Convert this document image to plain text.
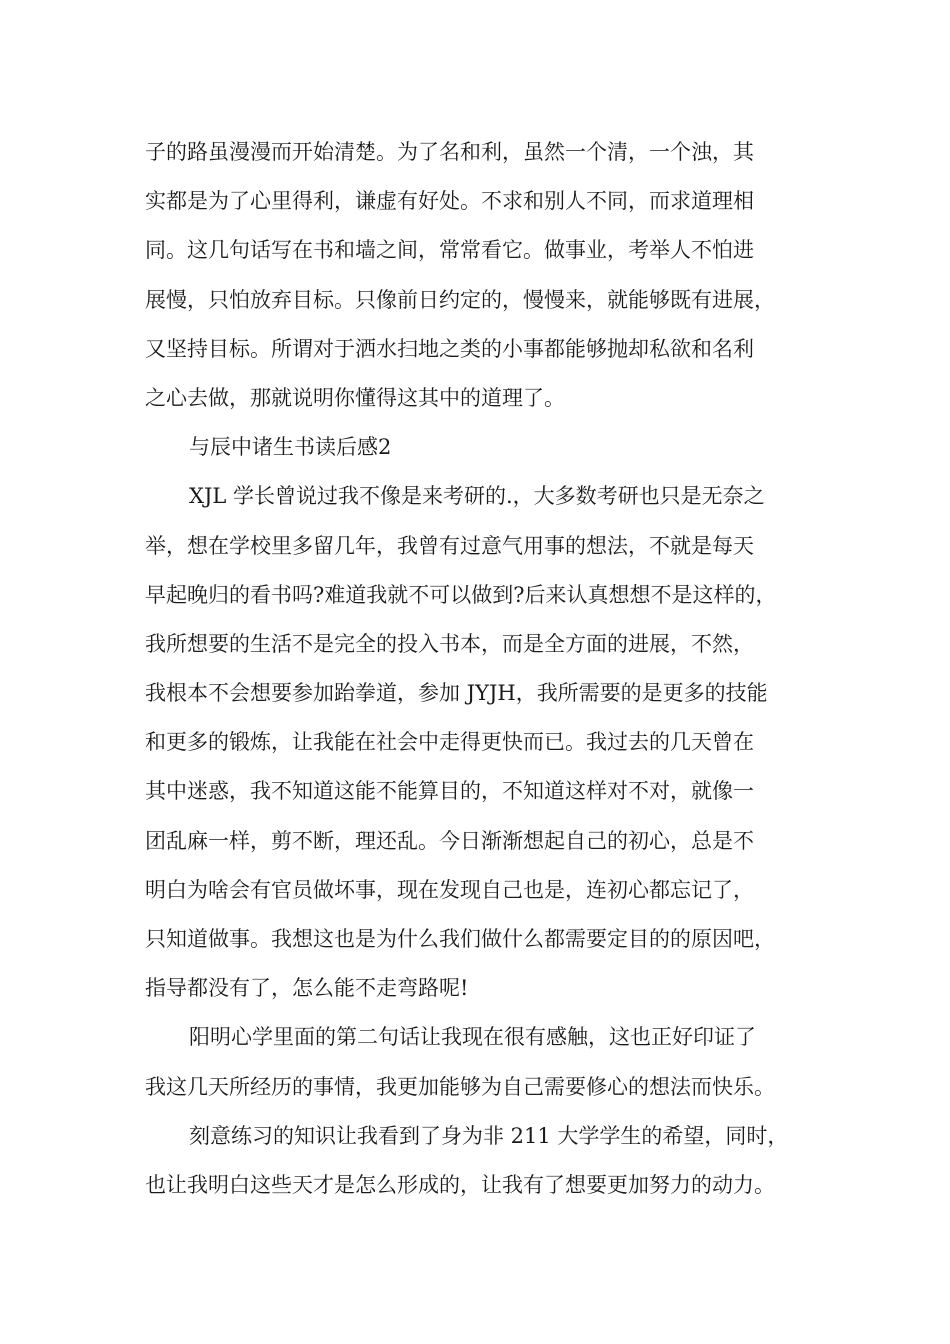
子的路虽漫漫而开始清楚。为了名和利，虽然一个清，一个浊，其
实都是为了心里得利，谦虚有好处。不求和别人不同，而求道理相
同。这几句话写在书和墙之间，常常看它。做事业，考举人不怕进
展慢，只怕放弃目标。只像前日约定的，慢慢来，就能够既有进展，
又坚持目标。所谓对于洒水扫地之类的小事都能够抛却私欲和名利
之心去做，那就说明你懂得这其中的道理了。
与辰中诸生书读后感2
XJL 学长曾说过我不像是来考研的.，大多数考研也只是无奈之
举，想在学校里多留几年，我曾有过意气用事的想法，不就是每天
早起晚归的看书吗?难道我就不可以做到?后来认真想想不是这样的，
我所想要的生活不是完全的投入书本，而是全方面的进展，不然，
我根本不会想要参加跆拳道，参加 JYJH，我所需要的是更多的技能
和更多的锻炼，让我能在社会中走得更快而已。我过去的几天曾在
其中迷惑，我不知道这能不能算目的，不知道这样对不对，就像一
团乱麻一样，剪不断，理还乱。今日渐渐想起自己的初心，总是不
明白为啥会有官员做坏事，现在发现自己也是，连初心都忘记了，
只知道做事。我想这也是为什么我们做什么都需要定目的的原因吧，
指导都没有了，怎么能不走弯路呢!
阳明心学里面的第二句话让我现在很有感触，这也正好印证了
我这几天所经历的事情，我更加能够为自己需要修心的想法而快乐。
刻意练习的知识让我看到了身为非 211 大学学生的希望，同时，
也让我明白这些天才是怎么形成的，让我有了想要更加努力的动力。
